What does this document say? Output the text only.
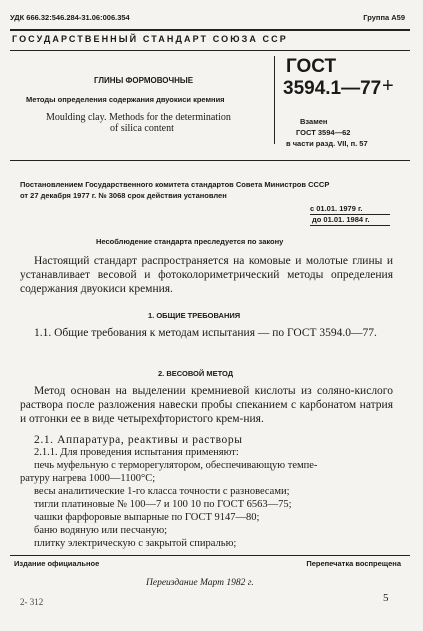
УДК 666.32:546.284-31.06:006.354	Группа А59
ГОСУДАРСТВЕННЫЙ СТАНДАРТ СОЮЗА ССР
ГЛИНЫ ФОРМОВОЧНЫЕ
Методы определения содержания двуокиси кремния
Moulding clay. Methods for the determination
of silica content
ГОСТ
3594.1—77 +
Взамен
ГОСТ 3594—62
в части разд. VII, п. 57
Постановлением Государственного комитета стандартов Совета Министров СССР
от 27 декабря 1977 г. № 3068 срок действия установлен
с 01.01. 1979 г.
до 01.01. 1984 г.
Несоблюдение стандарта преследуется по закону
Настоящий стандарт распространяется на комовые и молотые глины и устанавливает весовой и фотоколориметрический методы определения содержания двуокиси кремния.
1. ОБЩИЕ ТРЕБОВАНИЯ
1.1. Общие требования к методам испытания — по ГОСТ 3594.0—77.
2. ВЕСОВОЙ МЕТОД
Метод основан на выделении кремниевой кислоты из соляно-кислого раствора после разложения навески пробы спеканием с карбонатом натрия и отгонки ее в виде четырехфтористого крем-ния.
2.1. Аппаратура, реактивы и растворы
2.1.1. Для проведения испытания применяют:
печь муфельную с терморегулятором, обеспечивающую темпе-
ратуру нагрева 1000—1100°С;
весы аналитические 1-го класса точности с разновесами;
тигли платиновые № 100—7 и 100 10 по ГОСТ 6563—75;
чашки фарфоровые выпарные по ГОСТ 9147—80;
баню водяную или песчаную;
плитку электрическую с закрытой спиралью;
Издание официальное	Перепечатка воспрещена
Переиздание Март 1982 г.
2- 312	5
